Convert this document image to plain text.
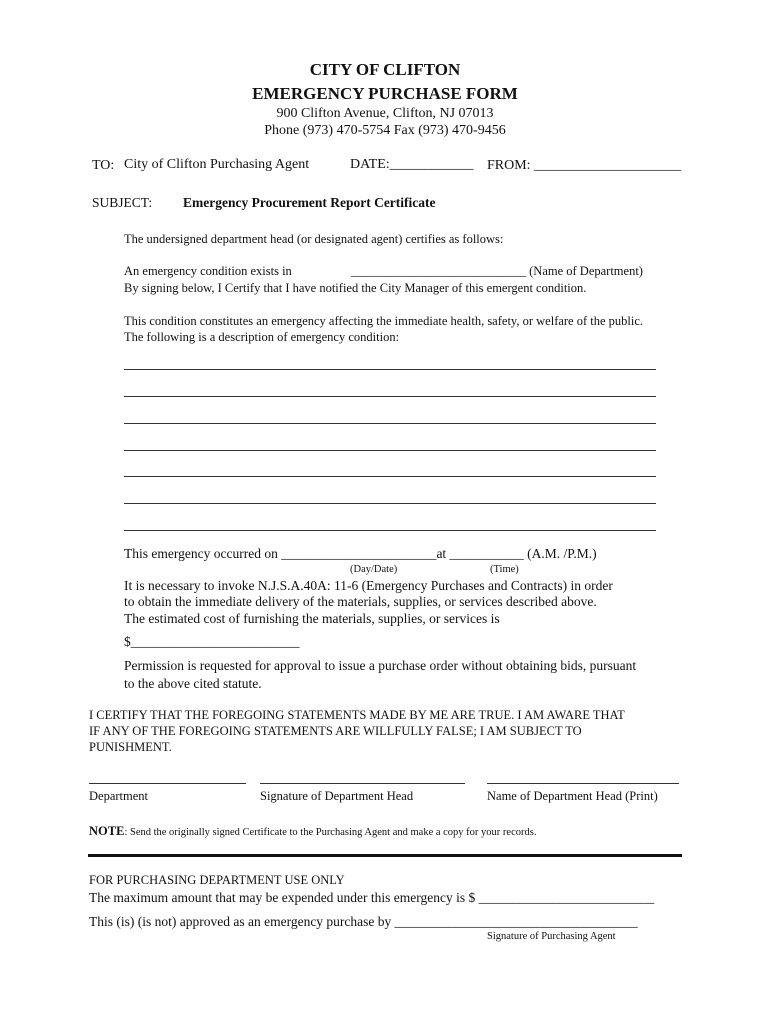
CITY OF CLIFTON
EMERGENCY PURCHASE FORM
900 Clifton Avenue, Clifton, NJ 07013
Phone (973) 470-5754 Fax (973) 470-9456
TO: City of Clifton Purchasing Agent	DATE:____________ FROM: _____________________
SUBJECT: Emergency Procurement Report Certificate
The undersigned department head (or designated agent) certifies as follows:
An emergency condition exists in	____________________________ (Name of Department)
By signing below, I Certify that I have notified the City Manager of this emergent condition.
This condition constitutes an emergency affecting the immediate health, safety, or welfare of the public.
The following is a description of emergency condition:
This emergency occurred on _______________________at ___________ (A.M. /P.M.)
(Day/Date)	(Time)
It is necessary to invoke N.J.S.A.40A: 11-6 (Emergency Purchases and Contracts) in order
to obtain the immediate delivery of the materials, supplies, or services described above.
The estimated cost of furnishing the materials, supplies, or services is
$_________________________
Permission is requested for approval to issue a purchase order without obtaining bids, pursuant
to the above cited statute.
I CERTIFY THAT THE FOREGOING STATEMENTS MADE BY ME ARE TRUE. I AM AWARE THAT
IF ANY OF THE FOREGOING STATEMENTS ARE WILLFULLY FALSE; I AM SUBJECT TO
PUNISHMENT.
Department	Signature of Department Head	Name of Department Head (Print)
NOTE: Send the originally signed Certificate to the Purchasing Agent and make a copy for your records.
FOR PURCHASING DEPARTMENT USE ONLY
The maximum amount that may be expended under this emergency is $ __________________________
This (is) (is not) approved as an emergency purchase by ____________________________________
Signature of Purchasing Agent
